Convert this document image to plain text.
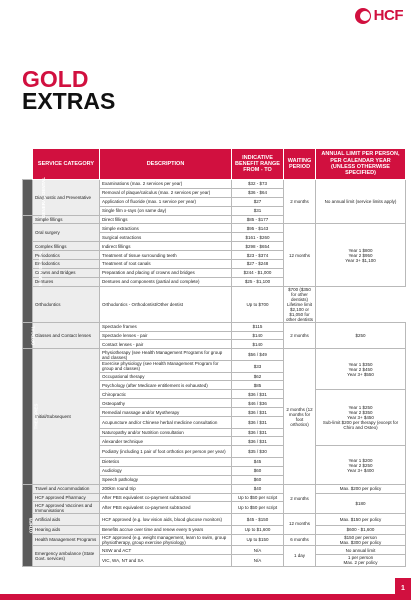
HCF
GOLD
EXTRAS
	SERVICE CATEGORY	DESCRIPTION	INDICATIVE BENEFIT RANGE FROM - TO	WAITING PERIOD	ANNUAL LIMIT PER PERSON, PER CALENDAR YEAR (UNLESS OTHERWISE SPECIFIED)
GENERAL DENTAL	Diagnostic and Preventative	Examinations (max. 2 services per year)	$32 - $73	2 months	No annual limit (service limits apply)
		Removal of plaque/calculus (max. 2 services per year)	$36 - $64		
		Application of fluoride (max. 1 service per year)	$27		
		Single film x-rays (on same day)	$31		
MAJOR DENTAL	Simple fillings	Direct fillings	$85 - $177		
	Oral surgery	Simple extractions	$95 - $143	12 months	Year 1 $800
Year 2 $950
Year 3+ $1,100
		Surgical extractions	$161 - $260		
	Complex fillings	Indirect fillings	$298 - $654		
	Periodontics	Treatment of tissue surrounding teeth	$23 - $374		
	Endodontics	Treatment of root canals	$27 - $248		
	Crowns and Bridges	Preparation and placing of crowns and bridges	$244 - $1,000		
	Dentures	Dentures and components (partial and complete)	$25 - $1,100		
	Orthodontics	Orthodontics - Orthodontist/Other dentist	Up to $700	$700 ($350 for other dentists) Lifetime limit $2,100 or $1,050 for other dentists	
OPTICAL	Glasses and Contact lenses	Spectacle frames	$115	2 months	$250
		Spectacle lenses - pair	$140		
		Contact lenses - pair	$140		
THERAPIES	Initial/Subsequent	Physiotherapy (see Health Management Programs for group and classes)	$56 / $49	2 months (12 months for foot orthotics)	Year 1 $350
Year 2 $450
Year 3+ $550
		Exercise physiology (see Health Management Program for group and classes)	$33		
		Occupational therapy	$62		
		Psychology (after Medicare entitlement is exhausted)	$85		
		Chiropractic	$36 / $31		Year 1 $250
Year 2 $350
Year 3+ $450
Sub-limit $200 per therapy (except for Chiro and Osteo)
		Osteopathy	$46 / $36		
		Remedial massage and/or Myotherapy	$36 / $31		
		Acupuncture and/or Chinese herbal medicine consultation	$36 / $31		
		Naturopathy and/or Nutrition consultation	$36 / $31		
		Alexander technique	$36 / $31		
		Podiatry (including 1 pair of foot orthotics per person per year)	$35 / $30		Year 1 $200
Year 2 $250
Year 3+ $400
		Dietetics	$45		
		Audiology	$60		
		Speech pathology	$60		
OTHER	Travel and Accommodation	200km round trip	$40	2 months	Max. $200 per policy
	HCF approved Pharmacy	After PBS equivalent co-payment subtracted	Up to $50 per script		$180
	HCF approved Vaccines and Immunisations	After PBS equivalent co-payment subtracted	Up to $50 per script		
	Artificial aids	HCF approved (e.g. low vision aids, blood glucose monitors)	$45 - $150	12 months	Max. $150 per policy
	Hearing aids	Benefits accrue over time and renew every 5 years	Up to $1,600		$600 - $1,600
	Health Management Programs	HCF approved (e.g. weight management, learn to swim, group physiotherapy, group exercise physiology)	Up to $150	6 months	$150 per person
Max. $300 per policy
	Emergency ambulance (State Govt. services)	NSW and ACT	N/A	1 day	No annual limit
		VIC, WA, NT and SA	N/A		1 per person
Max. 2 per policy
1
